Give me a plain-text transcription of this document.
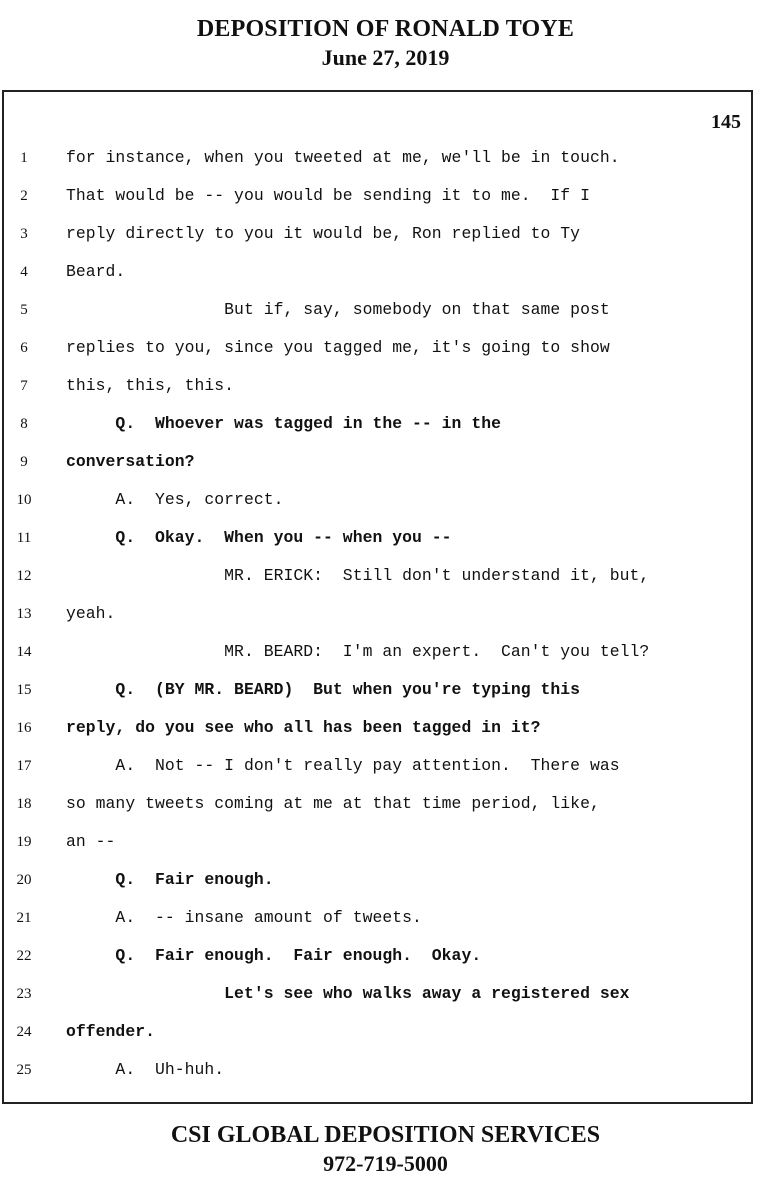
DEPOSITION OF RONALD TOYE
June 27, 2019
145
1	for instance, when you tweeted at me, we'll be in touch.
2	That would be -- you would be sending it to me.  If I
3	reply directly to you it would be, Ron replied to Ty
4	Beard.
5	But if, say, somebody on that same post
6	replies to you, since you tagged me, it's going to show
7	this, this, this.
8	Q.  Whoever was tagged in the -- in the
9	conversation?
10	A.  Yes, correct.
11	Q.  Okay.  When you -- when you --
12	MR. ERICK:  Still don't understand it, but,
13	yeah.
14	MR. BEARD:  I'm an expert.  Can't you tell?
15	Q.  (BY MR. BEARD)  But when you're typing this
16	reply, do you see who all has been tagged in it?
17	A.  Not -- I don't really pay attention.  There was
18	so many tweets coming at me at that time period, like,
19	an --
20	Q.  Fair enough.
21	A.  -- insane amount of tweets.
22	Q.  Fair enough.  Fair enough.  Okay.
23	Let's see who walks away a registered sex
24	offender.
25	A.  Uh-huh.
CSI GLOBAL DEPOSITION SERVICES
972-719-5000
